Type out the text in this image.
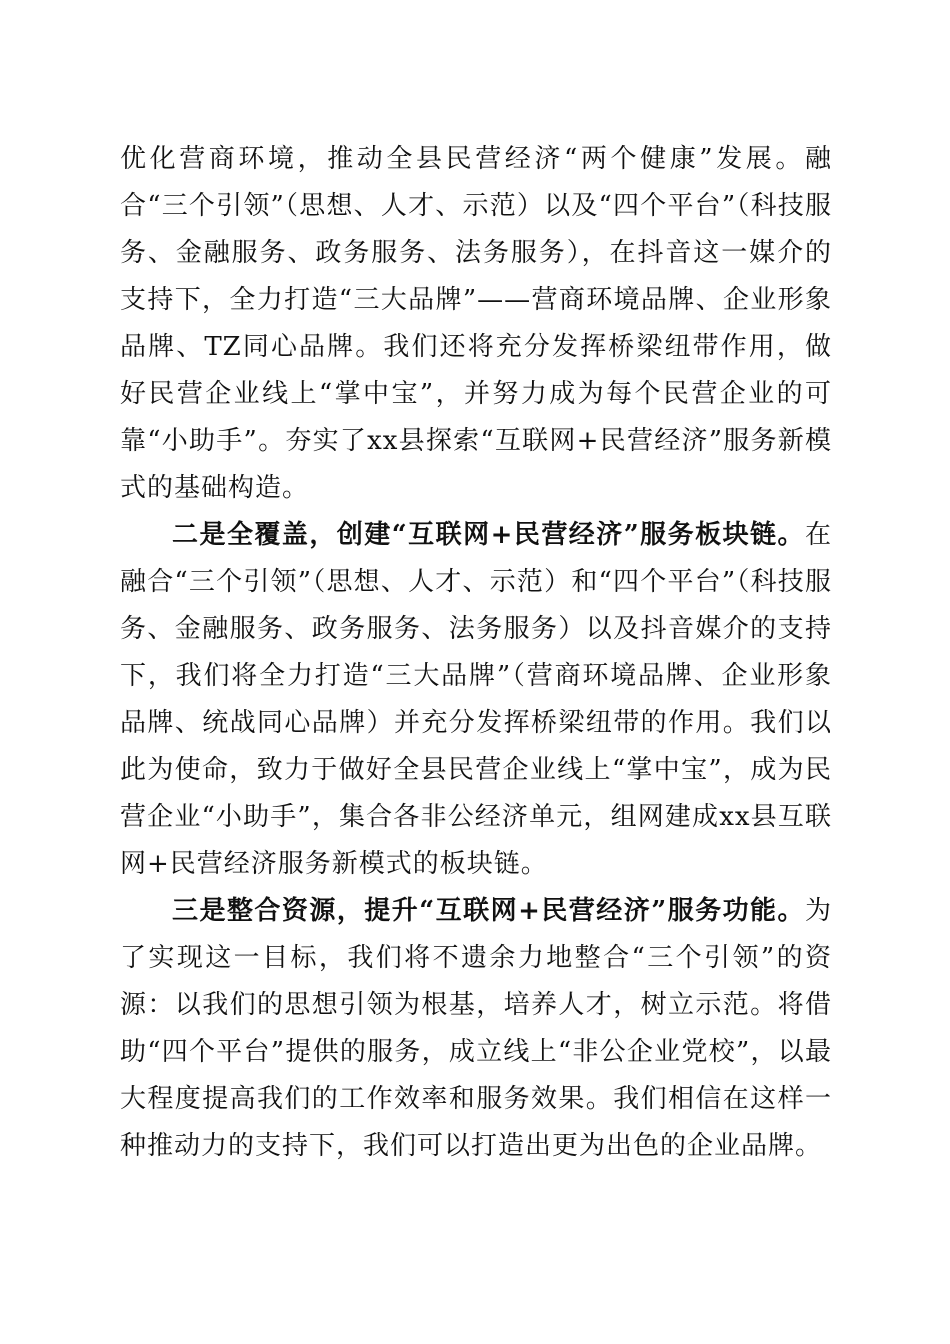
优化营商环境，推动全县民营经济“两个健康”发展。融合“三个引领”（思想、人才、示范）以及“四个平台”（科技服务、金融服务、政务服务、法务服务），在抖音这一媒介的支持下，全力打造“三大品牌”——营商环境品牌、企业形象品牌、TZ同心品牌。我们还将充分发挥桥梁纽带作用，做好民营企业线上“掌中宝”，并努力成为每个民营企业的可靠“小助手”。夯实了xx县探索“互联网+民营经济”服务新模式的基础构造。

二是全覆盖，创建“互联网+民营经济”服务板块链。在融合“三个引领”（思想、人才、示范）和“四个平台”（科技服务、金融服务、政务服务、法务服务）以及抖音媒介的支持下，我们将全力打造“三大品牌”（营商环境品牌、企业形象品牌、统战同心品牌）并充分发挥桥梁纽带的作用。我们以此为使命，致力于做好全县民营企业线上“掌中宝”，成为民营企业“小助手”，集合各非公经济单元，组网建成xx县互联网+民营经济服务新模式的板块链。

三是整合资源，提升“互联网+民营经济”服务功能。为了实现这一目标，我们将不遗余力地整合“三个引领”的资源：以我们的思想引领为根基，培养人才，树立示范。将借助“四个平台”提供的服务，成立线上“非公企业党校”，以最大程度提高我们的工作效率和服务效果。我们相信在这样一种推动力的支持下，我们可以打造出更为出色的企业品牌。
